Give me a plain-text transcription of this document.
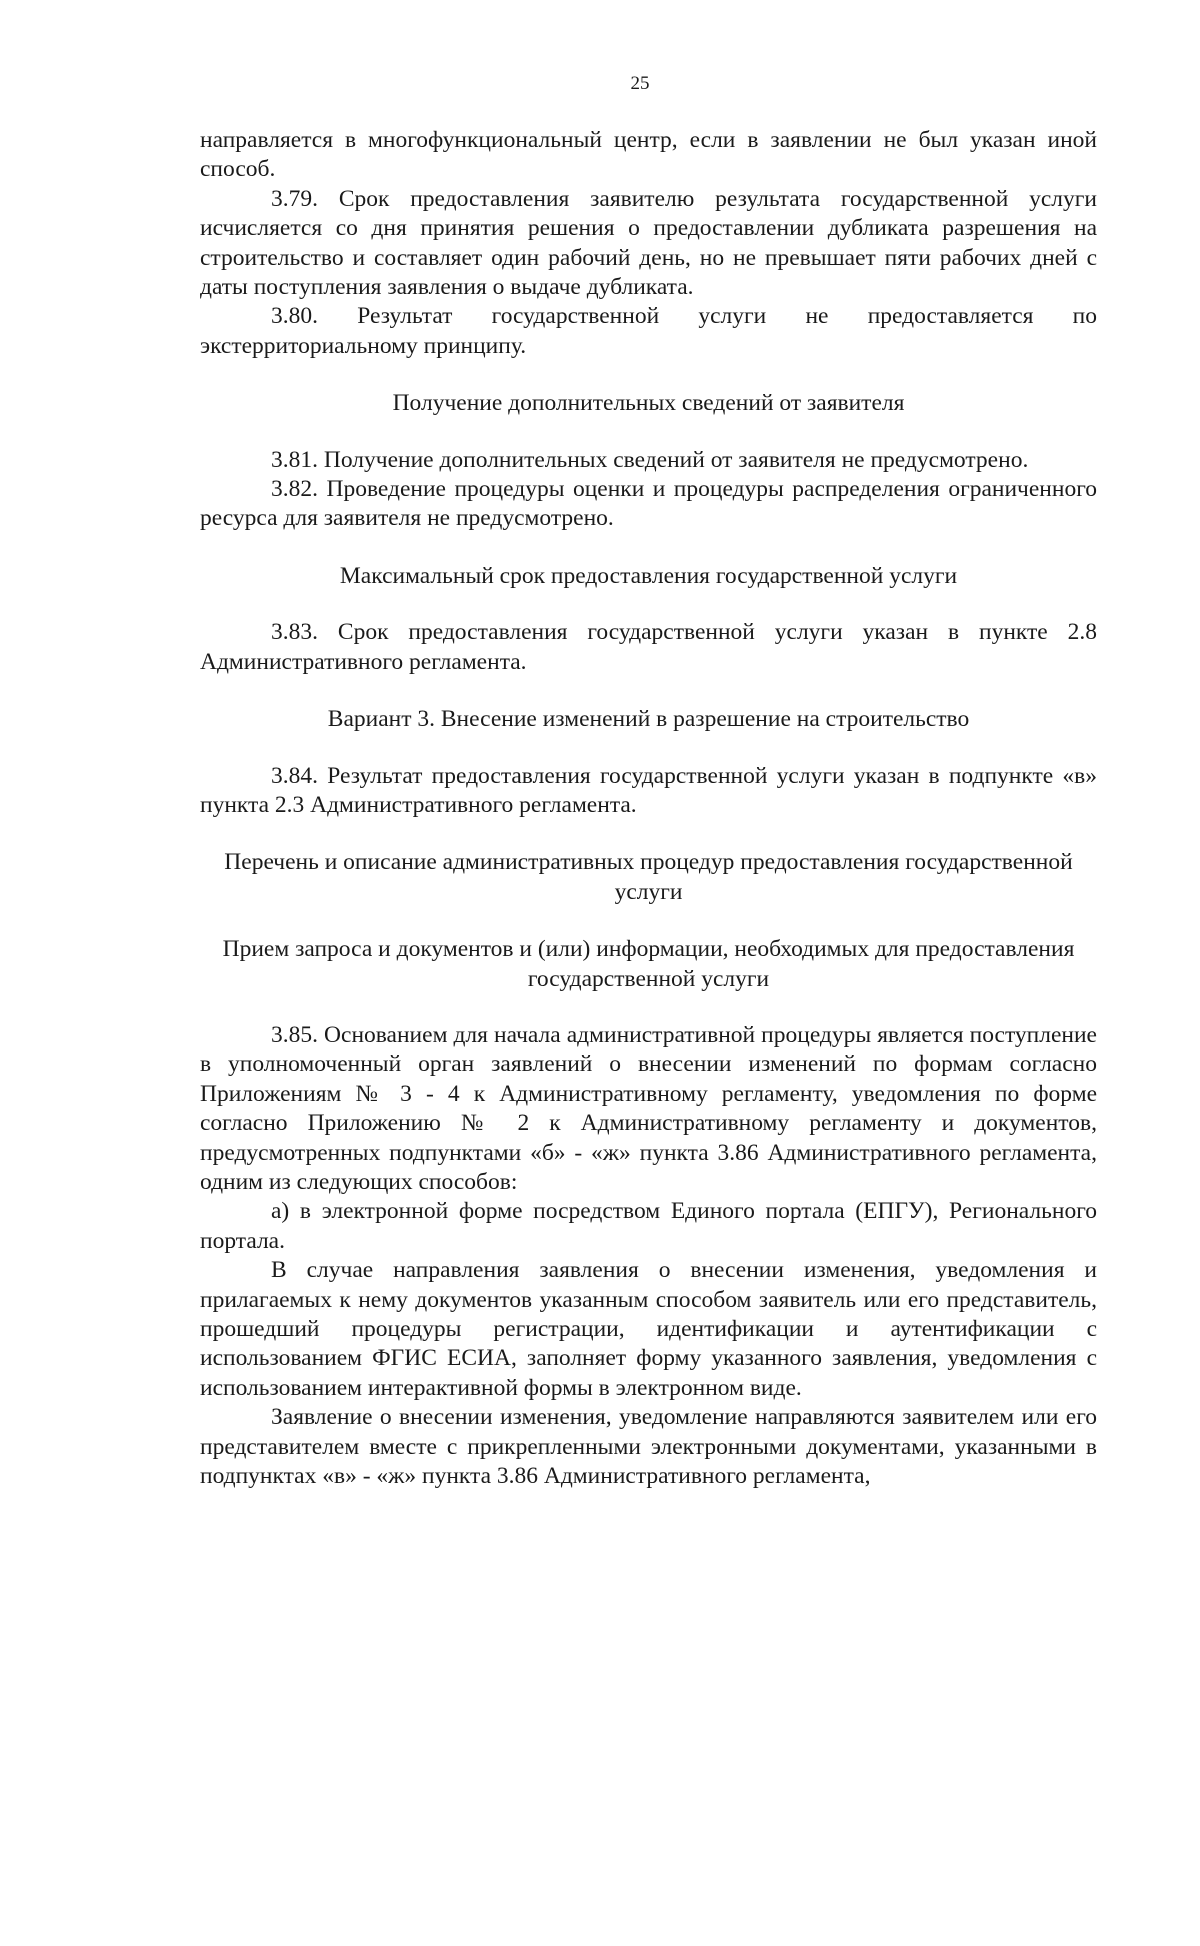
25

направляется в многофункциональный центр, если в заявлении не был указан иной способ.

3.79. Срок предоставления заявителю результата государственной услуги исчисляется со дня принятия решения о предоставлении дубликата разрешения на строительство и составляет один рабочий день, но не превышает пяти рабочих дней с даты поступления заявления о выдаче дубликата.

3.80. Результат государственной услуги не предоставляется по экстерриториальному принципу.

Получение дополнительных сведений от заявителя

3.81. Получение дополнительных сведений от заявителя не предусмотрено.

3.82. Проведение процедуры оценки и процедуры распределения ограниченного ресурса для заявителя не предусмотрено.

Максимальный срок предоставления государственной услуги

3.83. Срок предоставления государственной услуги указан в пункте 2.8 Административного регламента.

Вариант 3. Внесение изменений в разрешение на строительство

3.84. Результат предоставления государственной услуги указан в подпункте «в» пункта 2.3 Административного регламента.

Перечень и описание административных процедур предоставления государственной услуги
Прием запроса и документов и (или) информации, необходимых для предоставления государственной услуги

3.85. Основанием для начала административной процедуры является поступление в уполномоченный орган заявлений о внесении изменений по формам согласно Приложениям № 3 - 4 к Административному регламенту, уведомления по форме согласно Приложению № 2 к Административному регламенту и документов, предусмотренных подпунктами «б» - «ж» пункта 3.86 Административного регламента, одним из следующих способов:

а) в электронной форме посредством Единого портала (ЕПГУ), Регионального портала.

В случае направления заявления о внесении изменения, уведомления и прилагаемых к нему документов указанным способом заявитель или его представитель, прошедший процедуры регистрации, идентификации и аутентификации с использованием ФГИС ЕСИА, заполняет форму указанного заявления, уведомления с использованием интерактивной формы в электронном виде.

Заявление о внесении изменения, уведомление направляются заявителем или его представителем вместе с прикрепленными электронными документами, указанными в подпунктах «в» - «ж» пункта 3.86 Административного регламента,
